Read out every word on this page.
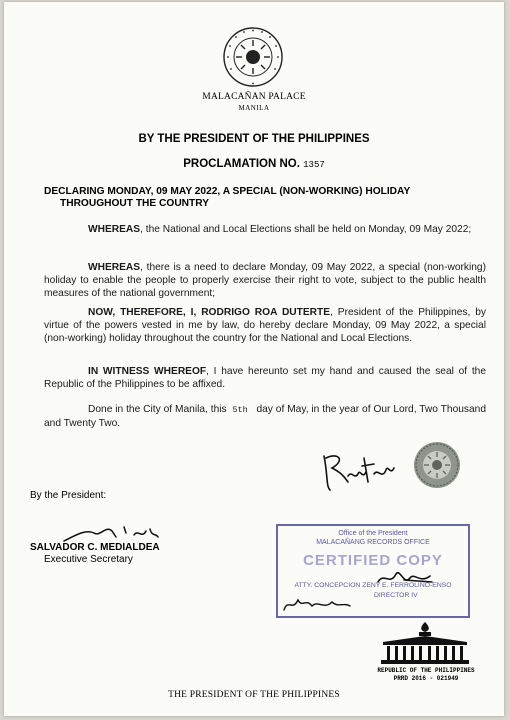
MALACAÑAN PALACE
MANILA
BY THE PRESIDENT OF THE PHILIPPINES
PROCLAMATION NO. 1357
DECLARING MONDAY, 09 MAY 2022, A SPECIAL (NON-WORKING) HOLIDAY
THROUGHOUT THE COUNTRY
WHEREAS, the National and Local Elections shall be held on Monday, 09 May 2022;
WHEREAS, there is a need to declare Monday, 09 May 2022, a special (non-working) holiday to enable the people to properly exercise their right to vote, subject to the public health measures of the national government;
NOW, THEREFORE, I, RODRIGO ROA DUTERTE, President of the Philippines, by virtue of the powers vested in me by law, do hereby declare Monday, 09 May 2022, a special (non-working) holiday throughout the country for the National and Local Elections.
IN WITNESS WHEREOF, I have hereunto set my hand and caused the seal of the Republic of the Philippines to be affixed.
Done in the City of Manila, this 5th day of May, in the year of Our Lord, Two Thousand and Twenty Two.
By the President:
SALVADOR C. MEDIALDEA
Executive Secretary
Office of the President
MALACAÑANG RECORDS OFFICE
CERTIFIED COPY
ATTY. CONCEPCION ZENY E. FERROLINO-ENSO
DIRECTOR IV
REPUBLIC OF THE PHILIPPINES
PRRD 2016 - 021949
THE PRESIDENT OF THE PHILIPPINES
